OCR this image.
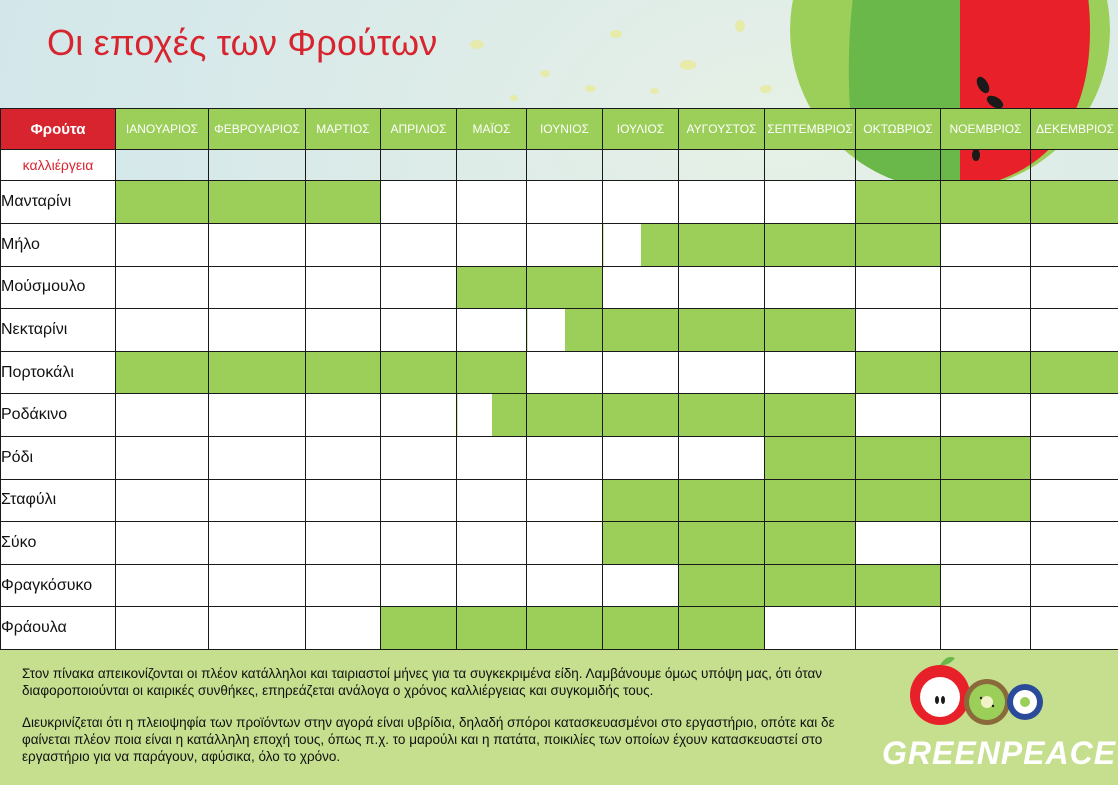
Οι εποχές των Φρούτων
Φρούτα	ΙΑΝΟΥΑΡΙΟΣ	ΦΕΒΡΟΥΑΡΙΟΣ	ΜΑΡΤΙΟΣ	ΑΠΡΙΛΙΟΣ	ΜΑΪΟΣ	ΙΟΥΝΙΟΣ	ΙΟΥΛΙΟΣ	ΑΥΓΟΥΣΤΟΣ	ΣΕΠΤΕΜΒΡΙΟΣ	ΟΚΤΩΒΡΙΟΣ	ΝΟΕΜΒΡΙΟΣ	ΔΕΚΕΜΒΡΙΟΣ
καλλιέργεια												
Μανταρίνι												
Μήλο												
Μούσμουλο												
Νεκταρίνι												
Πορτοκάλι												
Ροδάκινο												
Ρόδι												
Σταφύλι												
Σύκο												
Φραγκόσυκο												
Φράουλα												

Στον πίνακα απεικονίζονται οι πλέον κατάλληλοι και ταιριαστοί μήνες για τα συγκεκριμένα είδη. Λαμβάνουμε όμως υπόψη μας, ότι όταν διαφοροποιούνται οι καιρικές συνθήκες, επηρεάζεται ανάλογα ο χρόνος καλλιέργειας και συγκομιδής τους.

Διευκρινίζεται ότι η πλειοψηφία των προϊόντων στην αγορά είναι υβρίδια, δηλαδή σπόροι κατασκευασμένοι στο εργαστήριο, οπότε και δε φαίνεται πλέον ποια είναι η κατάλληλη εποχή τους, όπως π.χ. το μαρούλι και η πατάτα, ποικιλίες των οποίων έχουν κατασκευαστεί στο εργαστήριο για να παράγουν, αφύσικα, όλο το χρόνο.	GREENPEACE
